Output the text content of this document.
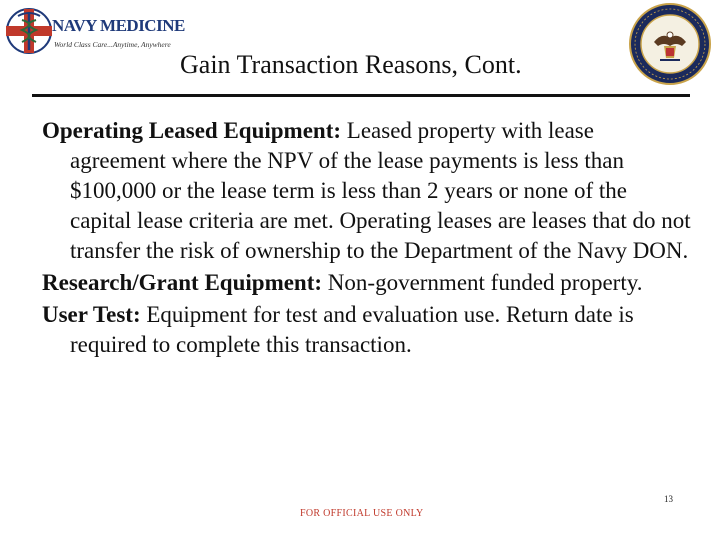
NAVY MEDICINE
World Class Care...Anytime, Anywhere
Gain Transaction Reasons, Cont.

Operating Leased Equipment: Leased property with lease agreement where the NPV of the lease payments is less than $100,000 or the lease term is less than 2 years or none of the capital lease criteria are met. Operating leases are leases that do not transfer the risk of ownership to the Department of the Navy DON.

Research/Grant Equipment: Non-government funded property.

User Test: Equipment for test and evaluation use. Return date is required to complete this transaction.

13
FOR OFFICIAL USE ONLY
